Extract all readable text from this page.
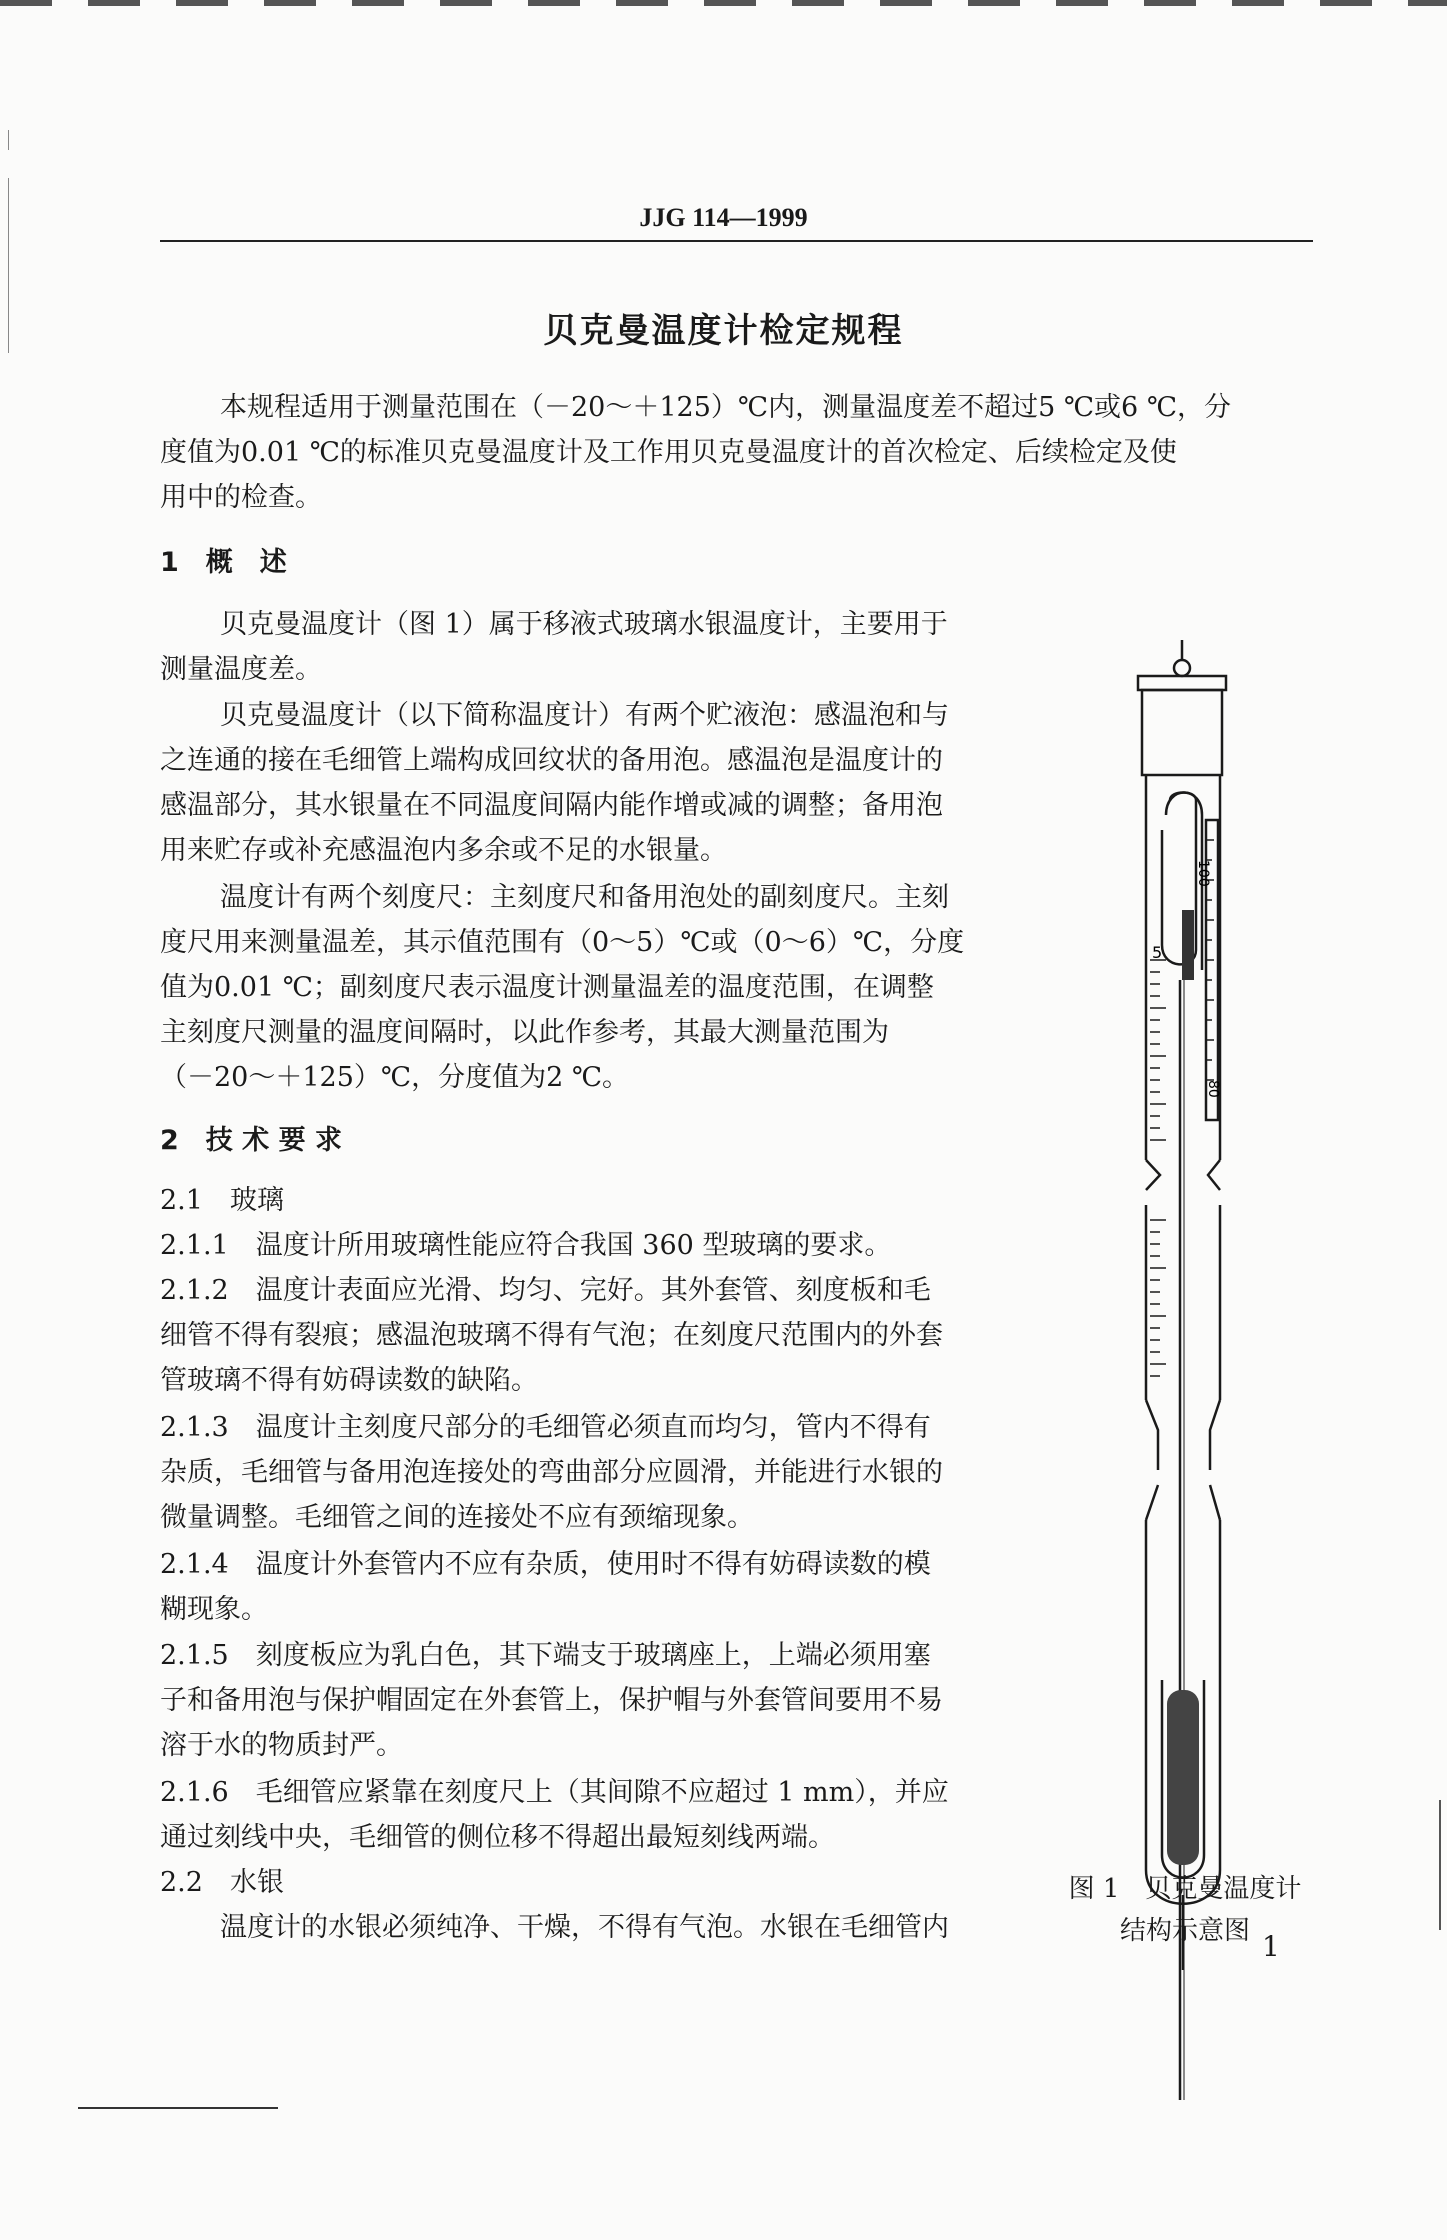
JJG 114—1999
贝克曼温度计检定规程
本规程适用于测量范围在（－20～＋125）℃内，测量温度差不超过5 ℃或6 ℃，分
度值为0.01 ℃的标准贝克曼温度计及工作用贝克曼温度计的首次检定、后续检定及使
用中的检查。
1　概　述
贝克曼温度计（图 1）属于移液式玻璃水银温度计，主要用于
测量温度差。
贝克曼温度计（以下简称温度计）有两个贮液泡：感温泡和与
之连通的接在毛细管上端构成回纹状的备用泡。感温泡是温度计的
感温部分，其水银量在不同温度间隔内能作增或减的调整；备用泡
用来贮存或补充感温泡内多余或不足的水银量。
温度计有两个刻度尺：主刻度尺和备用泡处的副刻度尺。主刻
度尺用来测量温差，其示值范围有（0～5）℃或（0～6）℃，分度
值为0.01 ℃；副刻度尺表示温度计测量温差的温度范围，在调整
主刻度尺测量的温度间隔时，以此作参考，其最大测量范围为
（－20～＋125）℃，分度值为2 ℃。
2　技 术 要 求
2.1　玻璃
2.1.1　温度计所用玻璃性能应符合我国 360 型玻璃的要求。
2.1.2　温度计表面应光滑、均匀、完好。其外套管、刻度板和毛
细管不得有裂痕；感温泡玻璃不得有气泡；在刻度尺范围内的外套
管玻璃不得有妨碍读数的缺陷。
2.1.3　温度计主刻度尺部分的毛细管必须直而均匀，管内不得有
杂质，毛细管与备用泡连接处的弯曲部分应圆滑，并能进行水银的
微量调整。毛细管之间的连接处不应有颈缩现象。
2.1.4　温度计外套管内不应有杂质，使用时不得有妨碍读数的模
糊现象。
2.1.5　刻度板应为乳白色，其下端支于玻璃座上，上端必须用塞
子和备用泡与保护帽固定在外套管上，保护帽与外套管间要用不易
溶于水的物质封严。
2.1.6　毛细管应紧靠在刻度尺上（其间隙不应超过 1 mm），并应
通过刻线中央，毛细管的侧位移不得超出最短刻线两端。
2.2　水银
温度计的水银必须纯净、干燥，不得有气泡。水银在毛细管内
100
80
5
图 1　贝克曼温度计
结构示意图 1
